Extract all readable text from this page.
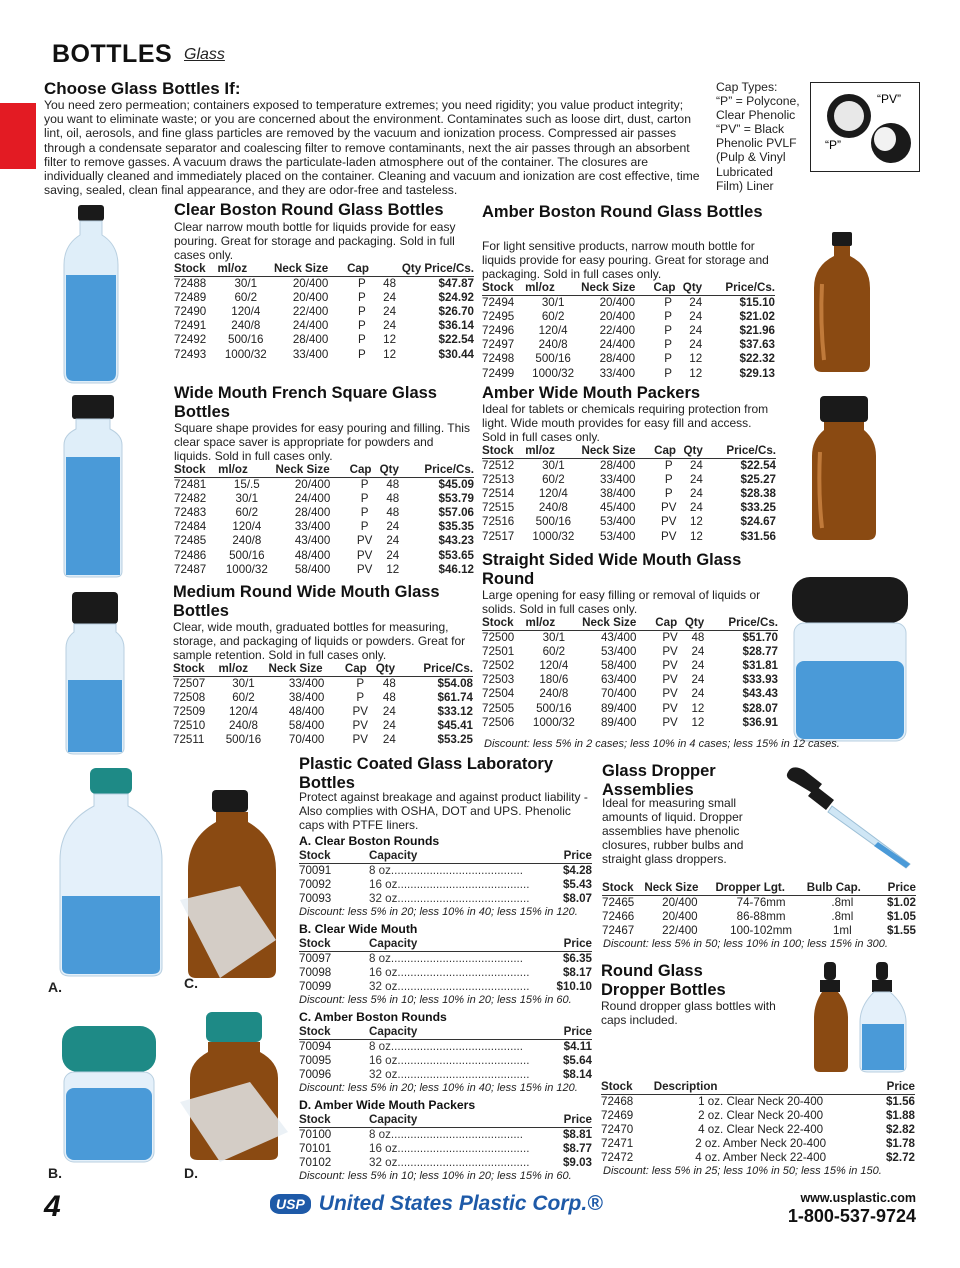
BOTTLES Glass
Choose Glass Bottles If:
You need zero permeation; containers exposed to temperature extremes; you need rigidity; you value product integrity; you want to eliminate waste; or you are concerned about the environment. Contaminates such as loose dirt, dust, carton lint, oil, aerosols, and fine glass particles are removed by the vacuum and ionization process. Compressed air passes through a condensate separator and coalescing filter to remove contaminants, next the air passes through an absorbent filter to remove gasses. A vacuum draws the particulate-laden atmosphere out of the container. The closures are individually cleaned and immediately placed on the container. Cleaning and vacuum and ionization are cost effective, time saving, sealed, clean final appearance, and they are odor-free and tasteless.
Cap Types:
“P” = Polycone,
Clear Phenolic
“PV” = Black
Phenolic PVLF
(Pulp & Vinyl
Lubricated
Film) Liner
“PV”
“P”
Clear Boston Round Glass Bottles
Clear narrow mouth bottle for liquids provide for easy pouring. Great for storage and packaging. Sold in full cases only.
Stock	ml/oz	Neck Size	Cap	Qty Price/Cs.	
72488	30/1	20/400	P	48	$47.87
72489	60/2	20/400	P	24	$24.92
72490	120/4	22/400	P	24	$26.70
72491	240/8	24/400	P	24	$36.14
72492	500/16	28/400	P	12	$22.54
72493	1000/32	33/400	P	12	$30.44
Amber Boston Round Glass Bottles
For light sensitive products, narrow mouth bottle for liquids provide for easy pouring. Great for storage and packaging. Sold in full cases only.
Stock	ml/oz	Neck Size	Cap	Qty	Price/Cs.
72494	30/1	20/400	P	24	$15.10
72495	60/2	20/400	P	24	$21.02
72496	120/4	22/400	P	24	$21.96
72497	240/8	24/400	P	24	$37.63
72498	500/16	28/400	P	12	$22.32
72499	1000/32	33/400	P	12	$29.13
Wide Mouth French Square Glass Bottles
Square shape provides for easy pouring and filling. This clear space saver is appropriate for powders and liquids. Sold in full cases only.
Stock	ml/oz	Neck Size	Cap	Qty	Price/Cs.
72481	15/.5	20/400	P	48	$45.09
72482	30/1	24/400	P	48	$53.79
72483	60/2	28/400	P	48	$57.06
72484	120/4	33/400	P	24	$35.35
72485	240/8	43/400	PV	24	$43.23
72486	500/16	48/400	PV	24	$53.65
72487	1000/32	58/400	PV	12	$46.12
Amber Wide Mouth Packers
Ideal for tablets or chemicals requiring protection from light. Wide mouth provides for easy fill and access. Sold in full cases only.
Stock	ml/oz	Neck Size	Cap	Qty	Price/Cs.
72512	30/1	28/400	P	24	$22.54
72513	60/2	33/400	P	24	$25.27
72514	120/4	38/400	P	24	$28.38
72515	240/8	45/400	PV	24	$33.25
72516	500/16	53/400	PV	12	$24.67
72517	1000/32	53/400	PV	12	$31.56
Medium Round Wide Mouth Glass Bottles
Clear, wide mouth, graduated bottles for measuring, storage, and packaging of liquids or powders. Great for sample retention. Sold in full cases only.
Stock	ml/oz	Neck Size	Cap	Qty	Price/Cs.
72507	30/1	33/400	P	48	$54.08
72508	60/2	38/400	P	48	$61.74
72509	120/4	48/400	PV	24	$33.12
72510	240/8	58/400	PV	24	$45.41
72511	500/16	70/400	PV	24	$53.25
Straight Sided Wide Mouth Glass Round
Large opening for easy filling or removal of liquids or solids. Sold in full cases only.
Stock	ml/oz	Neck Size	Cap	Qty	Price/Cs.
72500	30/1	43/400	PV	48	$51.70
72501	60/2	53/400	PV	24	$28.77
72502	120/4	58/400	PV	24	$31.81
72503	180/6	63/400	PV	24	$33.93
72504	240/8	70/400	PV	24	$43.43
72505	500/16	89/400	PV	12	$28.07
72506	1000/32	89/400	PV	12	$36.91
Discount: less 5% in 2 cases; less 10% in 4 cases; less 15% in 12 cases.
Plastic Coated Glass Laboratory Bottles
Protect against breakage and against product liability - Also complies with OSHA, DOT and UPS. Phenolic caps with PTFE liners.
A. Clear Boston Rounds
Stock	Capacity	Price
70091	8 oz.........................................	$4.28
70092	16 oz.........................................	$5.43
70093	32 oz.........................................	$8.07
Discount: less 5% in 20; less 10% in 40; less 15% in 120.
B. Clear Wide Mouth
Stock	Capacity	Price
70097	8 oz.........................................	$6.35
70098	16 oz.........................................	$8.17
70099	32 oz.........................................	$10.10
Discount: less 5% in 10; less 10% in 20; less 15% in 60.
C. Amber Boston Rounds
Stock	Capacity	Price
70094	8 oz.........................................	$4.11
70095	16 oz.........................................	$5.64
70096	32 oz.........................................	$8.14
Discount: less 5% in 20; less 10% in 40; less 15% in 120.
D. Amber Wide Mouth Packers
Stock	Capacity	Price
70100	8 oz.........................................	$8.81
70101	16 oz.........................................	$8.77
70102	32 oz.........................................	$9.03
Discount: less 5% in 10; less 10% in 20; less 15% in 60.
A.	C.
B.	D.
Glass Dropper Assemblies
Ideal for measuring small amounts of liquid. Dropper assemblies have phenolic closures, rubber bulbs and straight glass droppers.
Stock	Neck Size	Dropper Lgt.	Bulb Cap.	Price
72465	20/400	74-76mm	.8ml	$1.02
72466	20/400	86-88mm	.8ml	$1.05
72467	22/400	100-102mm	1ml	$1.55
Discount: less 5% in 50; less 10% in 100; less 15% in 300.
Round Glass Dropper Bottles
Round dropper glass bottles with caps included.
Stock	Description	Price
72468	1 oz. Clear Neck 20-400	$1.56
72469	2 oz. Clear Neck 20-400	$1.88
72470	4 oz. Clear Neck 22-400	$2.82
72471	2 oz. Amber Neck 20-400	$1.78
72472	4 oz. Amber Neck 22-400	$2.72
Discount: less 5% in 25; less 10% in 50; less 15% in 150.
4	USP United States Plastic Corp.®	www.usplastic.com
1-800-537-9724
